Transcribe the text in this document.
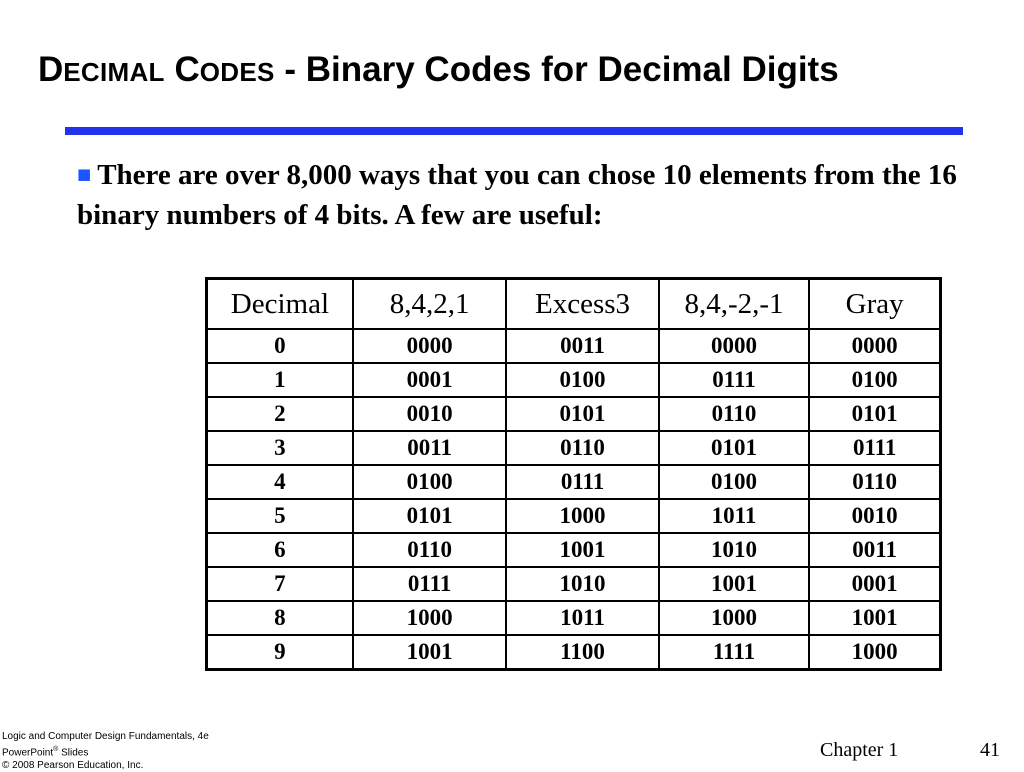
DECIMAL CODES - Binary Codes for Decimal Digits

■ There are over 8,000 ways that you can chose 10 elements from the 16 binary numbers of 4 bits. A few are useful:

Decimal	8,4,2,1	Excess3	8,4,-2,-1	Gray
0	0000	0011	0000	0000
1	0001	0100	0111	0100
2	0010	0101	0110	0101
3	0011	0110	0101	0111
4	0100	0111	0100	0110
5	0101	1000	1011	0010
6	0110	1001	1010	0011
7	0111	1010	1001	0001
8	1000	1011	1000	1001
9	1001	1100	1111	1000
Logic and Computer Design Fundamentals, 4e
PowerPoint® Slides
© 2008 Pearson Education, Inc.
Chapter 1	41
